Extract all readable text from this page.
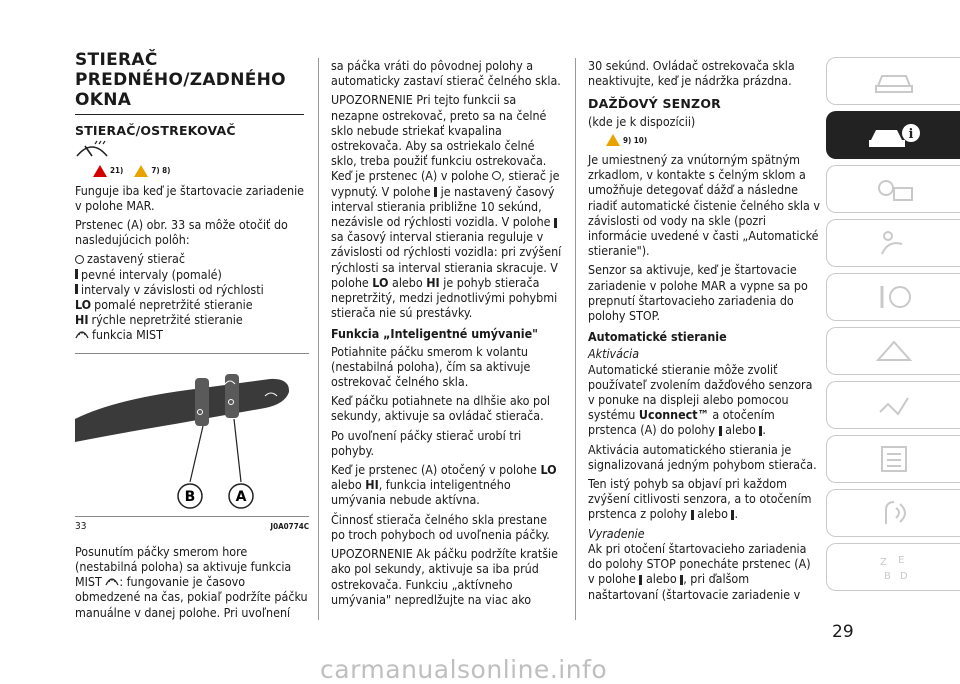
STIERAČ
PREDNÉHO/ZADNÉHO
OKNA
STIERAČ/OSTREKOVAČ
21)	7) 8)

Funguje iba keď je štartovacie zariadenie v polohe MAR.

Prstenec (A) obr. 33 sa môže otočiť do nasledujúcich polôh:

zastavený stierač
pevné intervaly (pomalé)
intervaly v závislosti od rýchlosti
LO pomalé nepretržité stieranie
HI rýchle nepretržité stieranie
funkcia MIST
B	A
33	J0A0774C

Posunutím páčky smerom hore (nestabilná poloha) sa aktivuje funkcia MIST : fungovanie je časovo obmedzené na čas, pokiaľ podržíte páčku manuálne v danej polohe. Pri uvoľnení

sa páčka vráti do pôvodnej polohy a automaticky zastaví stierač čelného skla.

UPOZORNENIE Pri tejto funkcii sa nezapne ostrekovač, preto sa na čelné sklo nebude striekať kvapalina ostrekovača. Aby sa ostriekalo čelné sklo, treba použiť funkciu ostrekovača. Keď je prstenec (A) v polohe , stierač je vypnutý. V polohe je nastavený časový interval stierania približne 10 sekúnd, nezávisle od rýchlosti vozidla. V polohe  sa časový interval stierania reguluje v závislosti od rýchlosti vozidla: pri zvýšení rýchlosti sa interval stierania skracuje. V polohe LO alebo HI je pohyb stierača nepretržitý, medzi jednotlivými pohybmi stierača nie sú prestávky.

Funkcia „Inteligentné umývanie"

Potiahnite páčku smerom k volantu (nestabilná poloha), čím sa aktivuje ostrekovač čelného skla.

Keď páčku potiahnete na dlhšie ako pol sekundy, aktivuje sa ovládač stierača.

Po uvoľnení páčky stierač urobí tri pohyby.

Keď je prstenec (A) otočený v polohe LO alebo HI, funkcia inteligentného umývania nebude aktívna.

Činnosť stierača čelného skla prestane po troch pohyboch od uvoľnenia páčky.

UPOZORNENIE Ak páčku podržíte kratšie ako pol sekundy, aktivuje sa iba prúd ostrekovača. Funkciu „aktívneho umývania" nepredlžujte na viac ako

30 sekúnd. Ovládač ostrekovača skla neaktivujte, keď je nádržka prázdna.

DAŽĎOVÝ SENZOR

(kde je k dispozícii)

9) 10)

Je umiestnený za vnútorným spätným zrkadlom, v kontakte s čelným sklom a umožňuje detegovať dážď a následne riadiť automatické čistenie čelného skla v závislosti od vody na skle (pozri informácie uvedené v časti „Automatické stieranie").

Senzor sa aktivuje, keď je štartovacie zariadenie v polohe MAR a vypne sa po prepnutí štartovacieho zariadenia do polohy STOP.

Automatické stieranie

Aktivácia

Automatické stieranie môže zvoliť používateľ zvolením dažďového senzora v ponuke na displeji alebo pomocou systému Uconnect™ a otočením prstenca (A) do polohy alebo .

Aktivácia automatického stierania je signalizovaná jedným pohybom stierača.

Ten istý pohyb sa objaví pri každom zvýšení citlivosti senzora, a to otočením prstenca z polohy alebo .

Vyradenie

Ak pri otočení štartovacieho zariadenia do polohy STOP ponecháte prstenec (A) v polohe alebo , pri ďalšom naštartovaní (štartovacie zariadenie v

i
Z E
B D
29
carmanualsonline.info
